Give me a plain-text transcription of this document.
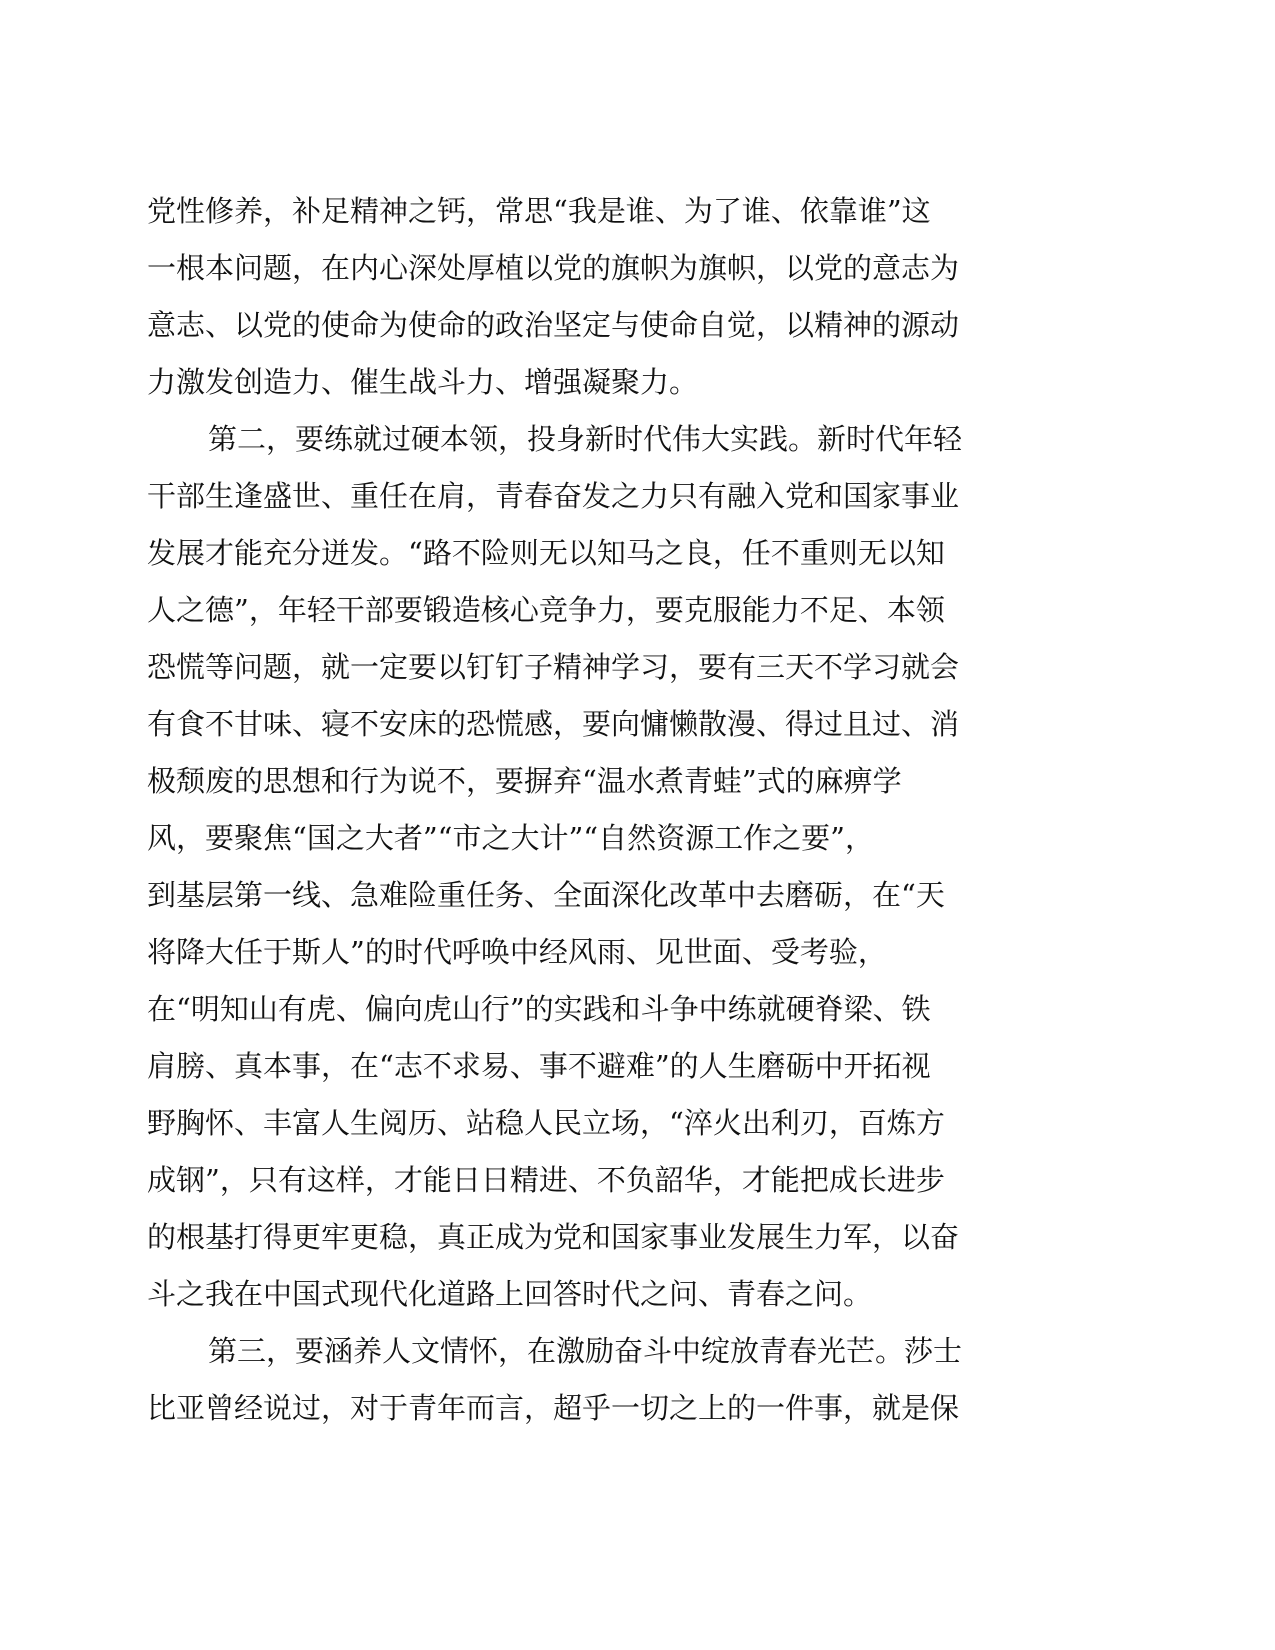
党性修养，补足精神之钙，常思“我是谁、为了谁、依靠谁”这
一根本问题，在内心深处厚植以党的旗帜为旗帜，以党的意志为
意志、以党的使命为使命的政治坚定与使命自觉，以精神的源动
力激发创造力、催生战斗力、增强凝聚力。
第二，要练就过硬本领，投身新时代伟大实践。新时代年轻
干部生逢盛世、重任在肩，青春奋发之力只有融入党和国家事业
发展才能充分迸发。“路不险则无以知马之良，任不重则无以知
人之德”，年轻干部要锻造核心竞争力，要克服能力不足、本领
恐慌等问题，就一定要以钉钉子精神学习，要有三天不学习就会
有食不甘味、寝不安床的恐慌感，要向慵懒散漫、得过且过、消
极颓废的思想和行为说不，要摒弃“温水煮青蛙”式的麻痹学
风，要聚焦“国之大者”“市之大计”“自然资源工作之要”，
到基层第一线、急难险重任务、全面深化改革中去磨砺，在“天
将降大任于斯人”的时代呼唤中经风雨、见世面、受考验，
在“明知山有虎、偏向虎山行”的实践和斗争中练就硬脊梁、铁
肩膀、真本事，在“志不求易、事不避难”的人生磨砺中开拓视
野胸怀、丰富人生阅历、站稳人民立场，“淬火出利刃，百炼方
成钢”，只有这样，才能日日精进、不负韶华，才能把成长进步
的根基打得更牢更稳，真正成为党和国家事业发展生力军，以奋
斗之我在中国式现代化道路上回答时代之问、青春之问。
第三，要涵养人文情怀，在激励奋斗中绽放青春光芒。莎士
比亚曾经说过，对于青年而言，超乎一切之上的一件事，就是保
